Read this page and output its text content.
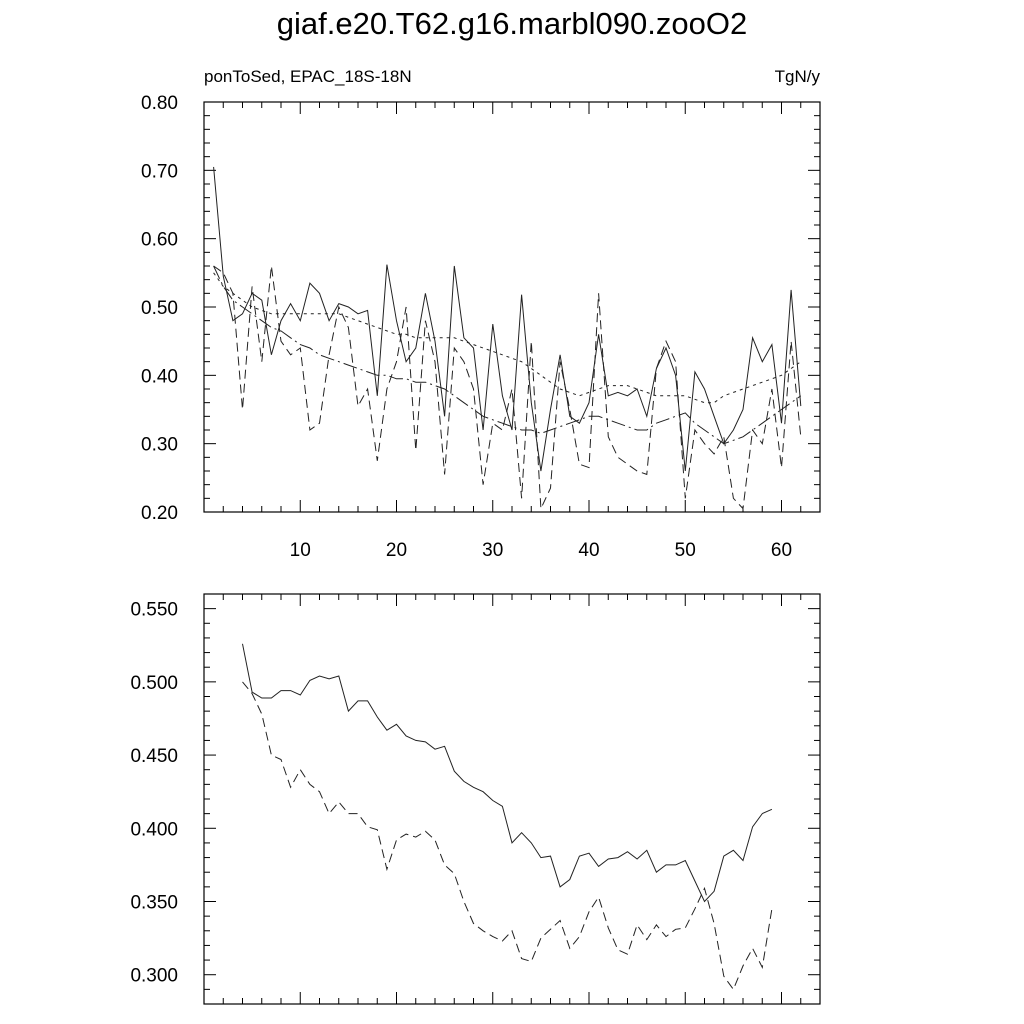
giaf.e20.T62.g16.marbl090.zooO2
0.20
0.30
0.40
0.50
0.60
0.70
0.80
10	20	30	40	50	60
ponToSed, EPAC_18S-18N	TgN/y
0.300
0.350
0.400
0.450
0.500
0.550
